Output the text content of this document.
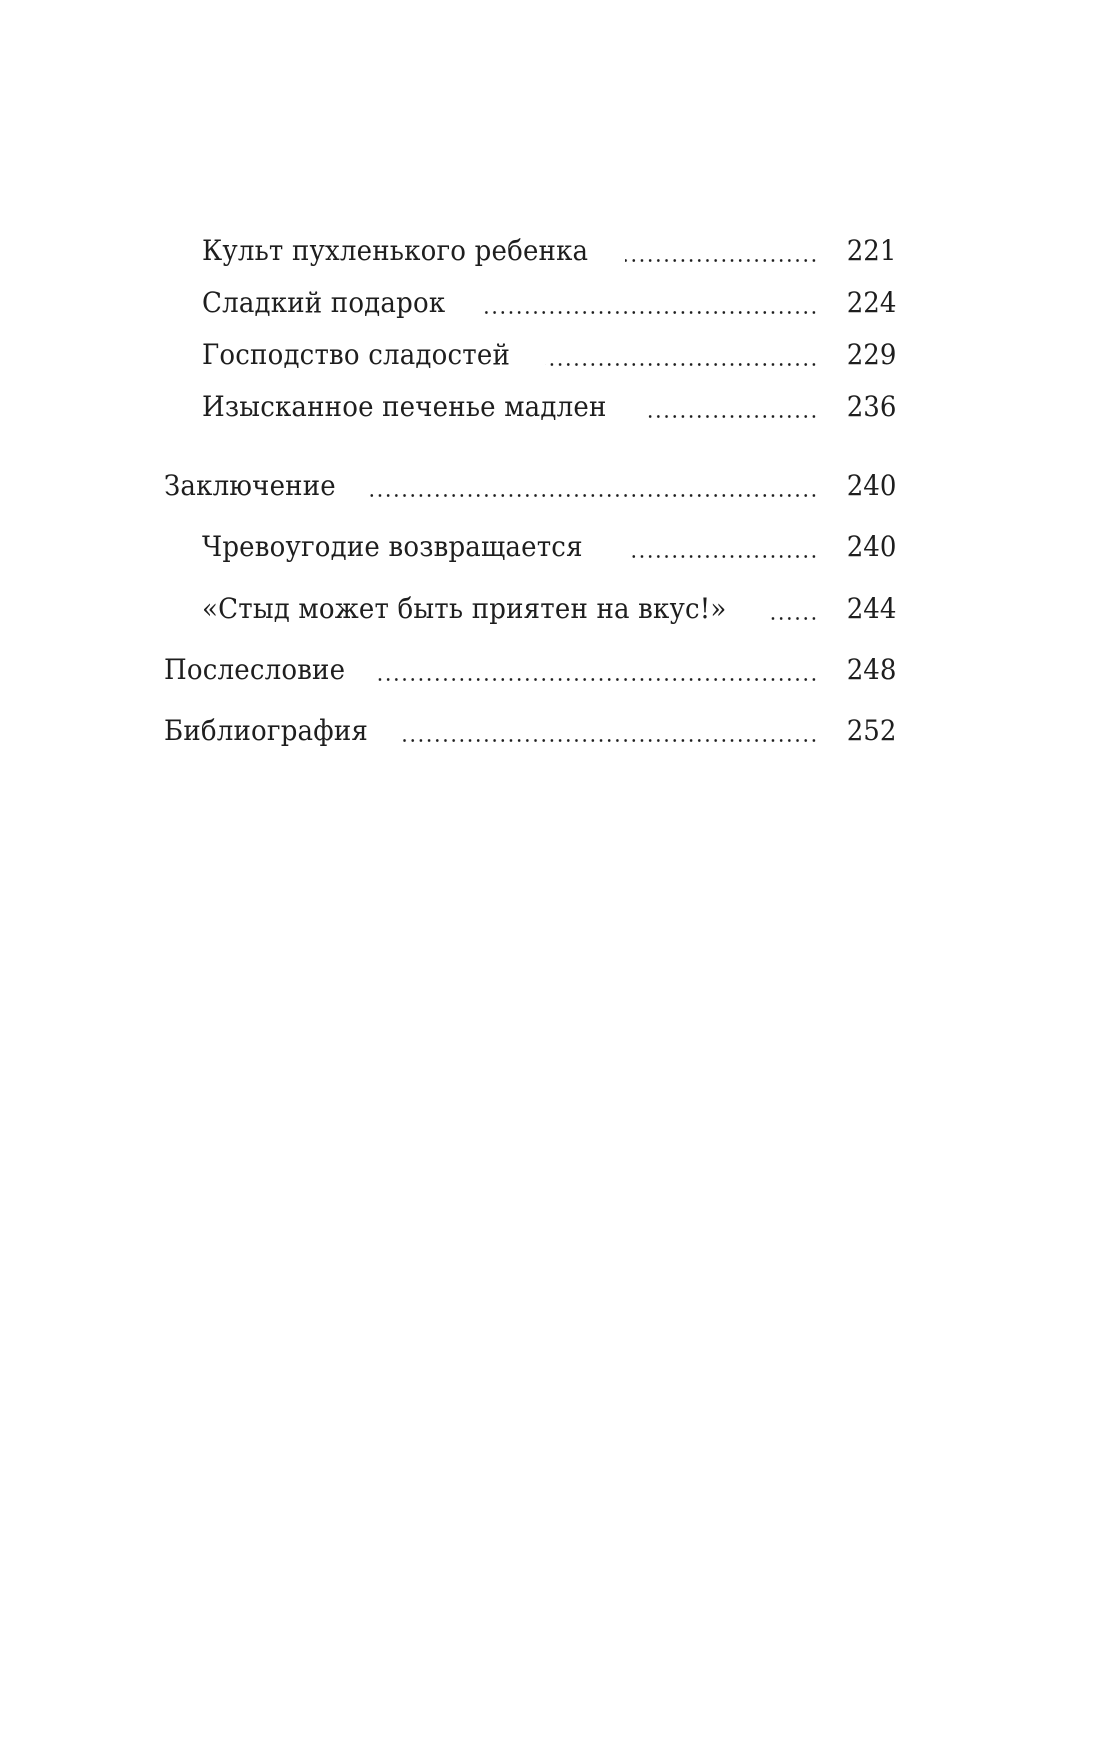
Культ пухленького ребенка	221
Сладкий подарок	224
Господство сладостей	229
Изысканное печенье мадлен	236
Заключение	240
Чревоугодие возвращается	240
«Стыд может быть приятен на вкус!»	244
Послесловие	248
Библиография	252
